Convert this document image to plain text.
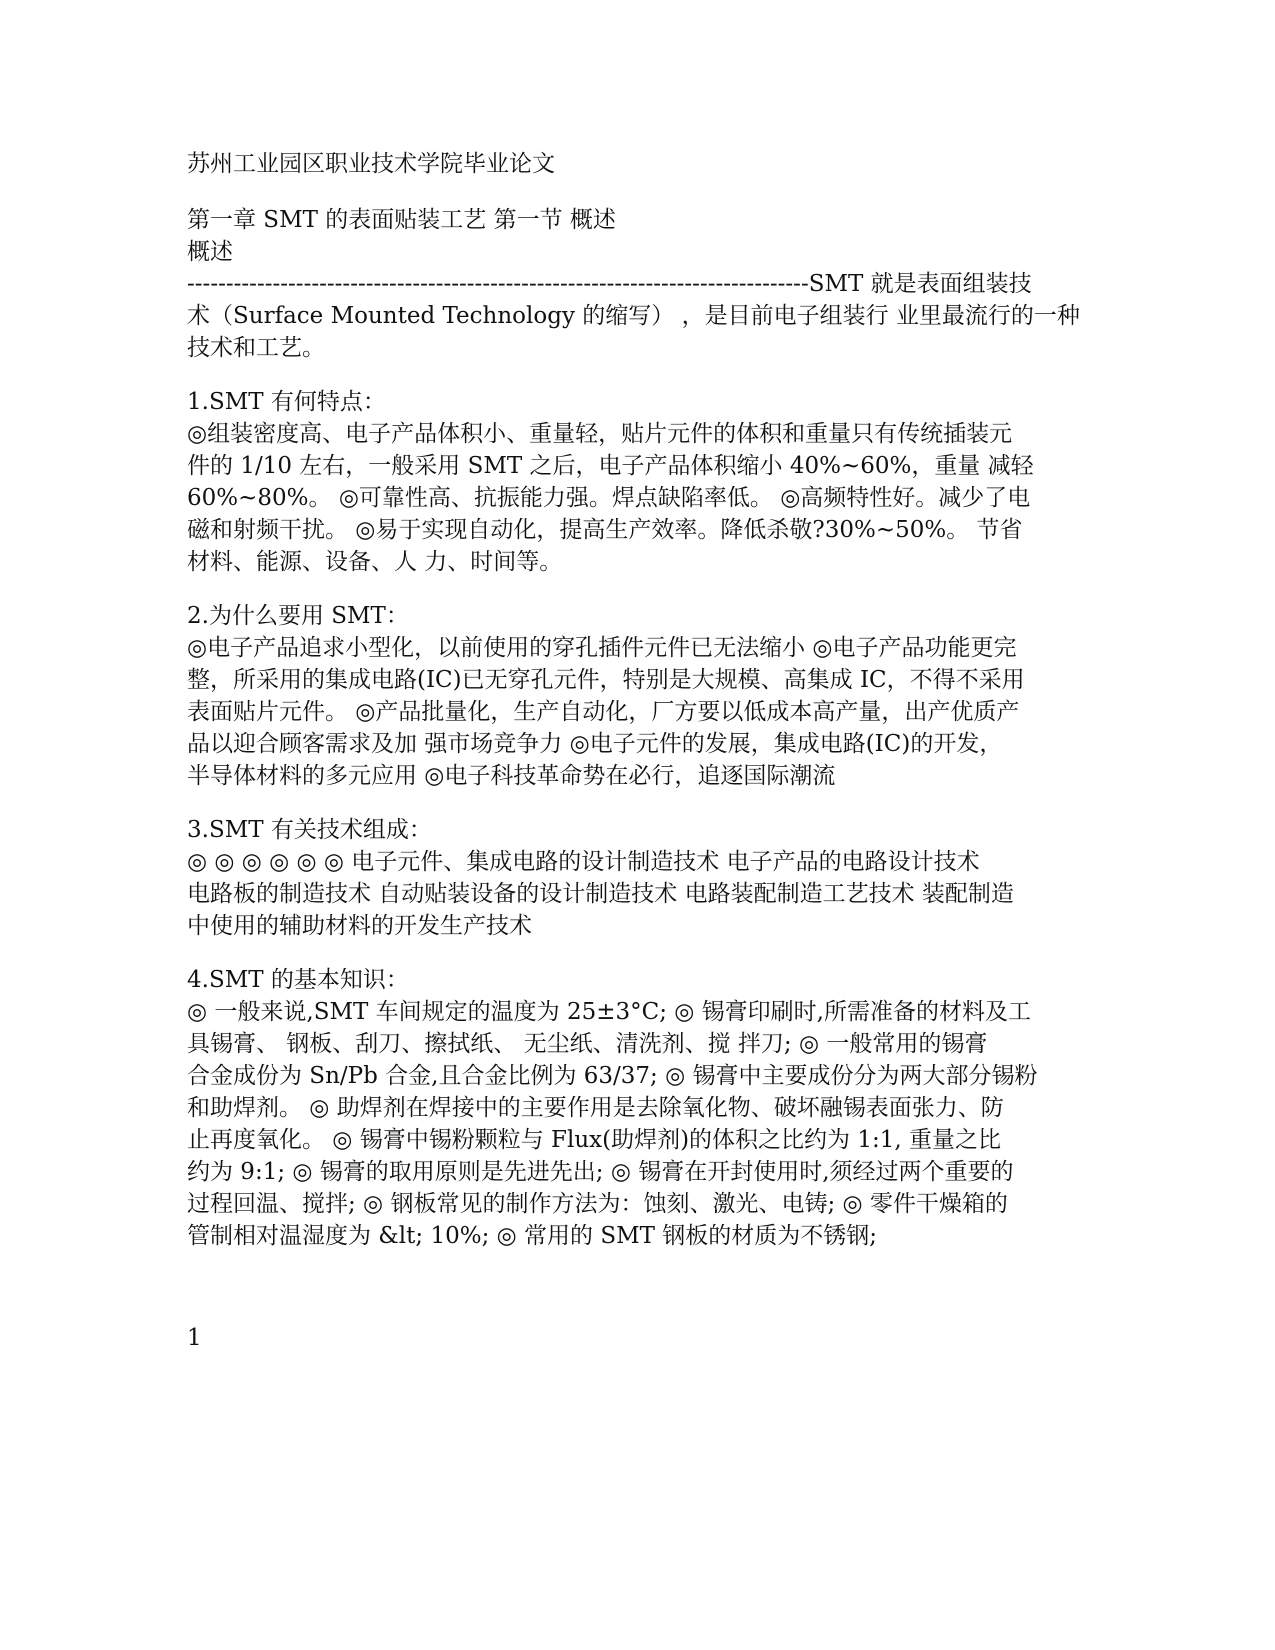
苏州工业园区职业技术学院毕业论文
第一章 SMT 的表面贴装工艺 第一节 概述
概述
--------------------------------------------------------------------------------SMT 就是表面组装技
术（Surface Mounted Technology 的缩写） ，是目前电子组装行 业里最流行的一种
技术和工艺。
1.SMT 有何特点：
◎组装密度高、电子产品体积小、重量轻，贴片元件的体积和重量只有传统插装元
件的 1/10 左右，一般采用 SMT 之后，电子产品体积缩小 40%~60%，重量 减轻
60%~80%。 ◎可靠性高、抗振能力强。焊点缺陷率低。 ◎高频特性好。减少了电
磁和射频干扰。 ◎易于实现自动化，提高生产效率。降低杀敬?30%~50%。 节省
材料、能源、设备、人 力、时间等。
2.为什么要用 SMT：
◎电子产品追求小型化，以前使用的穿孔插件元件已无法缩小 ◎电子产品功能更完
整，所采用的集成电路(IC)已无穿孔元件，特别是大规模、高集成 IC，不得不采用
表面贴片元件。 ◎产品批量化，生产自动化，厂方要以低成本高产量，出产优质产
品以迎合顾客需求及加 强市场竞争力 ◎电子元件的发展，集成电路(IC)的开发，
半导体材料的多元应用 ◎电子科技革命势在必行，追逐国际潮流
3.SMT 有关技术组成：
◎ ◎ ◎ ◎ ◎ ◎ 电子元件、集成电路的设计制造技术 电子产品的电路设计技术
电路板的制造技术 自动贴装设备的设计制造技术 电路装配制造工艺技术 装配制造
中使用的辅助材料的开发生产技术
4.SMT 的基本知识：
◎ 一般来说,SMT 车间规定的温度为 25±3°C; ◎ 锡膏印刷时,所需准备的材料及工
具锡膏、 钢板、刮刀、擦拭纸、 无尘纸、清洗剂、搅 拌刀; ◎ 一般常用的锡膏
合金成份为 Sn/Pb 合金,且合金比例为 63/37; ◎ 锡膏中主要成份分为两大部分锡粉
和助焊剂。 ◎ 助焊剂在焊接中的主要作用是去除氧化物、破坏融锡表面张力、防
止再度氧化。 ◎ 锡膏中锡粉颗粒与 Flux(助焊剂)的体积之比约为 1:1, 重量之比
约为 9:1; ◎ 锡膏的取用原则是先进先出; ◎ 锡膏在开封使用时,须经过两个重要的
过程回温、搅拌; ◎ 钢板常见的制作方法为：蚀刻、激光、电铸; ◎ 零件干燥箱的
管制相对温湿度为 &lt; 10%; ◎ 常用的 SMT 钢板的材质为不锈钢;
1
